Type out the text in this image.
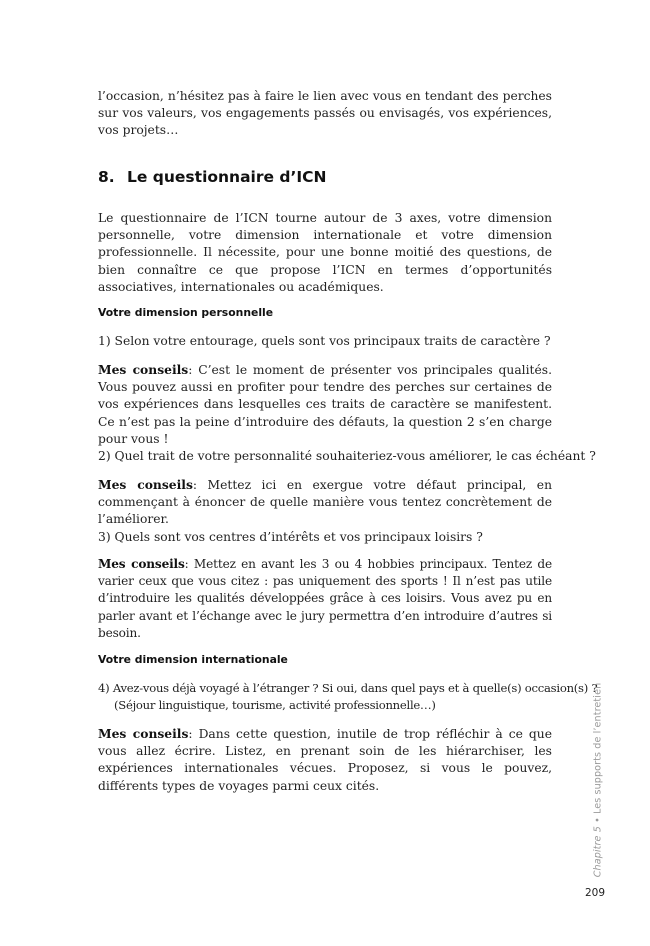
l’occasion, n’hésitez pas à faire le lien avec vous en tendant des perches sur vos valeurs, vos engagements passés ou envisagés, vos expériences, vos projets…

8. Le questionnaire d’ICN

Le questionnaire de l’ICN tourne autour de 3 axes, votre dimension personnelle, votre dimension internationale et votre dimension professionnelle. Il nécessite, pour une bonne moitié des questions, de bien connaître ce que propose l’ICN en termes d’opportunités associatives, internationales ou académiques.

Votre dimension personnelle

1) Selon votre entourage, quels sont vos principaux traits de caractère ?

Mes conseils: C’est le moment de présenter vos principales qualités. Vous pouvez aussi en profiter pour tendre des perches sur certaines de vos expériences dans lesquelles ces traits de caractère se manifestent. Ce n’est pas la peine d’introduire des défauts, la question 2 s’en charge pour vous !

2) Quel trait de votre personnalité souhaiteriez-vous améliorer, le cas échéant ?

Mes conseils: Mettez ici en exergue votre défaut principal, en commençant à énoncer de quelle manière vous tentez concrètement de l’améliorer.

3) Quels sont vos centres d’intérêts et vos principaux loisirs ?

Mes conseils: Mettez en avant les 3 ou 4 hobbies principaux. Tentez de varier ceux que vous citez : pas uniquement des sports ! Il n’est pas utile d’introduire les qualités développées grâce à ces loisirs. Vous avez pu en parler avant et l’échange avec le jury permettra d’en introduire d’autres si besoin.

Votre dimension internationale

4) Avez-vous déjà voyagé à l’étranger ? Si oui, dans quel pays et à quelle(s) occasion(s) ?
(Séjour linguistique, tourisme, activité professionnelle…)

Mes conseils: Dans cette question, inutile de trop réfléchir à ce que vous allez écrire. Listez, en prenant soin de les hiérarchiser, les expériences internationales vécues. Proposez, si vous le pouvez, différents types de voyages parmi ceux cités.

Chapitre 5 • Les supports de l’entretien
209
